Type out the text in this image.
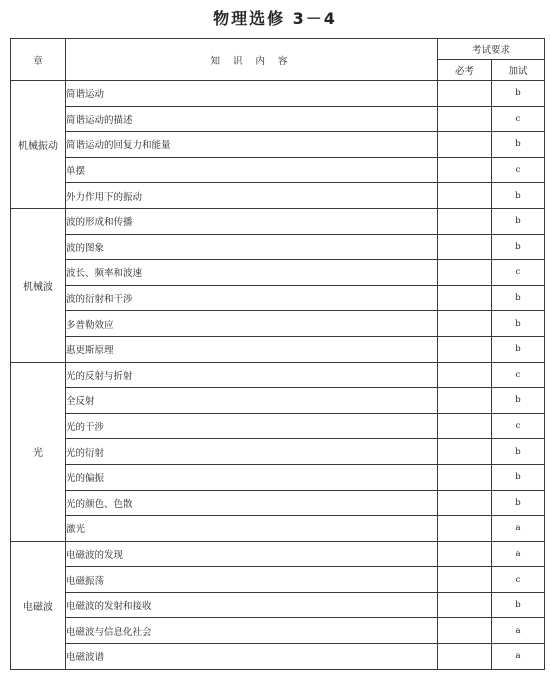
物理选修 3－4
章	知 识 内 容	考试要求	
		必考	加试
机械振动	简谐运动		b
	简谐运动的描述		c
	简谐运动的回复力和能量		b
	单摆		c
	外力作用下的振动		b
机械波	波的形成和传播		b
	波的图象		b
	波长、频率和波速		c
	波的衍射和干涉		b
	多普勒效应		b
	惠更斯原理		b
光	光的反射与折射		c
	全反射		b
	光的干涉		c
	光的衍射		b
	光的偏振		b
	光的颜色、色散		b
	激光		a
电磁波	电磁波的发现		a
	电磁振荡		c
	电磁波的发射和接收		b
	电磁波与信息化社会		a
	电磁波谱		a
